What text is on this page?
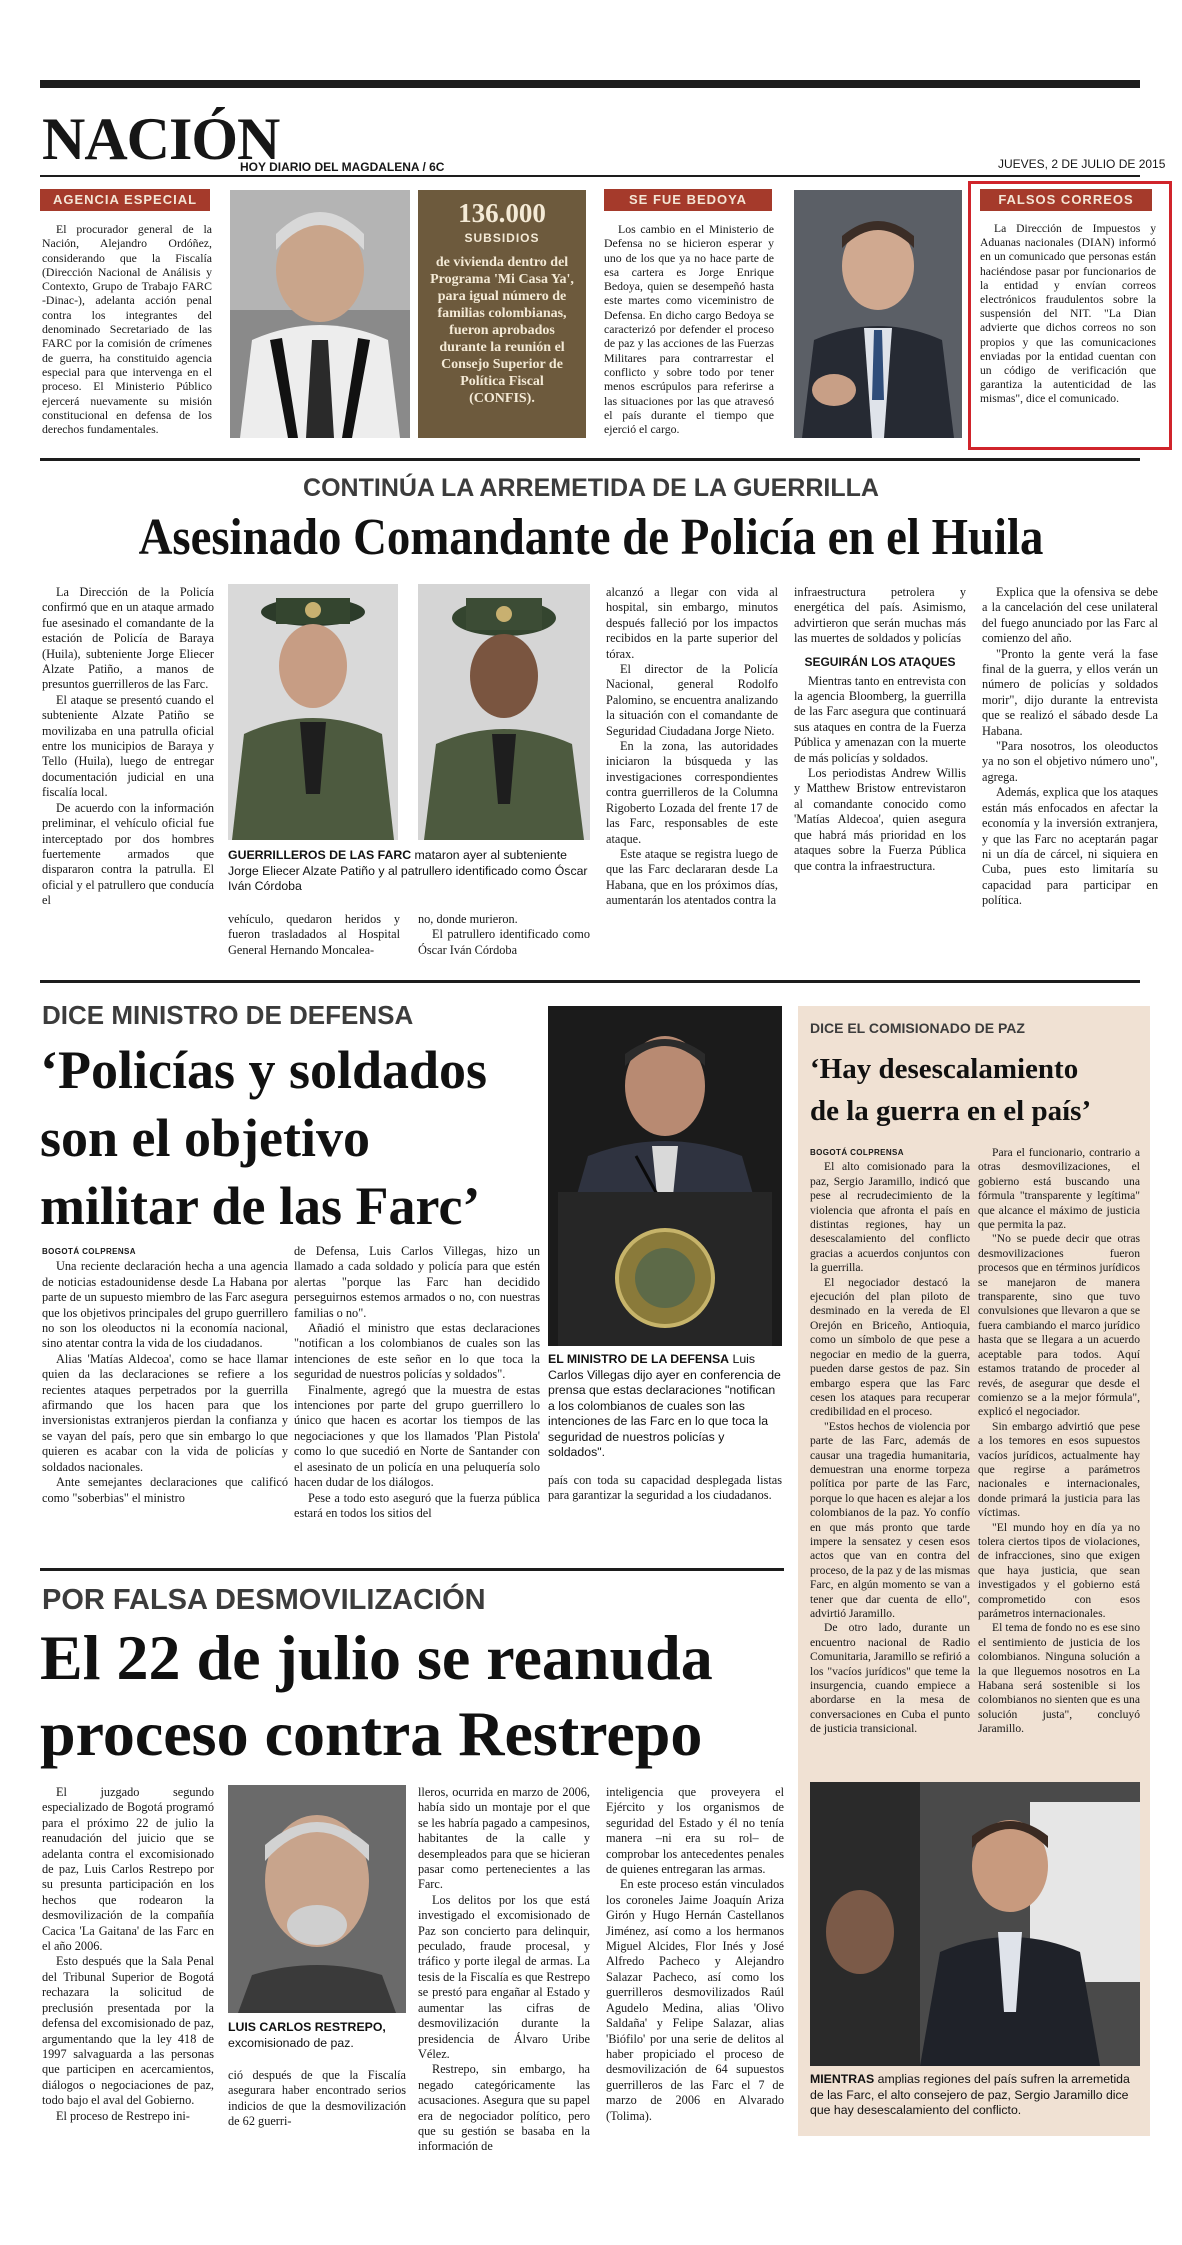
NACIÓN
HOY DIARIO DEL MAGDALENA / 6C	JUEVES, 2 DE JULIO DE 2015
AGENCIA ESPECIAL

El procurador general de la Nación, Alejandro Ordóñez, considerando que la Fiscalía (Dirección Nacional de Análisis y Contexto, Grupo de Trabajo FARC -Dinac-), adelanta acción penal contra los integrantes del denominado Secretariado de las FARC por la comisión de crímenes de guerra, ha constituido agencia especial para que intervenga en el proceso. El Ministerio Público ejercerá nuevamente su misión constitucional en defensa de los derechos fundamentales.

136.000
SUBSIDIOS
de vivienda dentro del Programa 'Mi Casa Ya', para igual número de familias colombianas, fueron aprobados durante la reunión el Consejo Superior de Política Fiscal (CONFIS).
SE FUE BEDOYA

Los cambio en el Ministerio de Defensa no se hicieron esperar y uno de los que ya no hace parte de esa cartera es Jorge Enrique Bedoya, quien se desempeñó hasta este martes como viceministro de Defensa. En dicho cargo Bedoya se caracterizó por defender el proceso de paz y las acciones de las Fuerzas Militares para contrarrestar el conflicto y sobre todo por tener menos escrúpulos para referirse a las situaciones por las que atravesó el país durante el tiempo que ejerció el cargo.

FALSOS CORREOS

La Dirección de Impuestos y Aduanas nacionales (DIAN) informó en un comunicado que personas están haciéndose pasar por funcionarios de la entidad y envían correos electrónicos fraudulentos sobre la suspensión del NIT. "La Dian advierte que dichos correos no son propios y que las comunicaciones enviadas por la entidad cuentan con un código de verificación que garantiza la autenticidad de las mismas", dice el comunicado.

CONTINÚA LA ARREMETIDA DE LA GUERRILLA
Asesinado Comandante de Policía en el Huila

La Dirección de la Policía confirmó que en un ataque armado fue asesinado el comandante de la estación de Policía de Baraya (Huila), subteniente Jorge Eliecer Alzate Patiño, a manos de presuntos guerrilleros de las Farc.

El ataque se presentó cuando el subteniente Alzate Patiño se movilizaba en una patrulla oficial entre los municipios de Baraya y Tello (Huila), luego de entregar documentación judicial en una fiscalía local.

De acuerdo con la información preliminar, el vehículo oficial fue interceptado por dos hombres fuertemente armados que dispararon contra la patrulla. El oficial y el patrullero que conducía el

GUERRILLEROS DE LAS FARC mataron ayer al subteniente Jorge Eliecer Alzate Patiño y al patrullero identificado como Óscar Iván Córdoba

vehículo, quedaron heridos y fueron trasladados al Hospital General Hernando Moncalea-

no, donde murieron.

El patrullero identificado como Óscar Iván Córdoba

alcanzó a llegar con vida al hospital, sin embargo, minutos después falleció por los impactos recibidos en la parte superior del tórax.

El director de la Policía Nacional, general Rodolfo Palomino, se encuentra analizando la situación con el comandante de Seguridad Ciudadana Jorge Nieto.

En la zona, las autoridades iniciaron la búsqueda y las investigaciones correspondientes contra guerrilleros de la Columna Rigoberto Lozada del frente 17 de las Farc, responsables de este ataque.

Este ataque se registra luego de que las Farc declararan desde La Habana, que en los próximos días, aumentarán los atentados contra la

infraestructura petrolera y energética del país. Asimismo, advirtieron que serán muchas más las muertes de soldados y policías

SEGUIRÁN LOS ATAQUES

Mientras tanto en entrevista con la agencia Bloomberg, la guerrilla de las Farc asegura que continuará sus ataques en contra de la Fuerza Pública y amenazan con la muerte de más policías y soldados.

Los periodistas Andrew Willis y Matthew Bristow entrevistaron al comandante conocido como 'Matías Aldecoa', quien asegura que habrá más prioridad en los ataques sobre la Fuerza Pública que contra la infraestructura.

Explica que la ofensiva se debe a la cancelación del cese unilateral del fuego anunciado por las Farc al comienzo del año.

"Pronto la gente verá la fase final de la guerra, y ellos verán un número de policías y soldados morir", dijo durante la entrevista que se realizó el sábado desde La Habana.

"Para nosotros, los oleoductos ya no son el objetivo número uno", agrega.

Además, explica que los ataques están más enfocados en afectar la economía y la inversión extranjera, y que las Farc no aceptarán pagar ni un día de cárcel, ni siquiera en Cuba, pues esto limitaría su capacidad para participar en política.

DICE MINISTRO DE DEFENSA
‘Policías y soldados
son el objetivo
militar de las Farc’
BOGOTÁ COLPRENSA

Una reciente declaración hecha a una agencia de noticias estadounidense desde La Habana por parte de un supuesto miembro de las Farc asegura que los objetivos principales del grupo guerrillero no son los oleoductos ni la economía nacional, sino atentar contra la vida de los ciudadanos.

Alias 'Matías Aldecoa', como se hace llamar quien da las declaraciones se refiere a los recientes ataques perpetrados por la guerrilla afirmando que los hacen para que los inversionistas extranjeros pierdan la confianza y se vayan del país, pero que sin embargo lo que quieren es acabar con la vida de policías y soldados nacionales.

Ante semejantes declaraciones que calificó como "soberbias" el ministro

de Defensa, Luis Carlos Villegas, hizo un llamado a cada soldado y policía para que estén alertas "porque las Farc han decidido perseguirnos estemos armados o no, con nuestras familias o no".

Añadió el ministro que estas declaraciones "notifican a los colombianos de cuales son las intenciones de este señor en lo que toca la seguridad de nuestros policías y soldados".

Finalmente, agregó que la muestra de estas intenciones por parte del grupo guerrillero lo único que hacen es acortar los tiempos de las negociaciones y que los llamados 'Plan Pistola' como lo que sucedió en Norte de Santander con el asesinato de un policía en una peluquería solo hacen dudar de los diálogos.

Pese a todo esto aseguró que la fuerza pública estará en todos los sitios del

EL MINISTRO DE LA DEFENSA Luis Carlos Villegas dijo ayer en conferencia de prensa que estas declaraciones "notifican a los colombianos de cuales son las intenciones de las Farc en lo que toca la seguridad de nuestros policías y soldados".

país con toda su capacidad desplegada listas para garantizar la seguridad a los ciudadanos.

DICE EL COMISIONADO DE PAZ
‘Hay desescalamiento
de la guerra en el país’
BOGOTÁ COLPRENSA

El alto comisionado para la paz, Sergio Jaramillo, indicó que pese al recrudecimiento de la violencia que afronta el país en distintas regiones, hay un desescalamiento del conflicto gracias a acuerdos conjuntos con la guerrilla.

El negociador destacó la ejecución del plan piloto de desminado en la vereda de El Orejón en Briceño, Antioquia, como un símbolo de que pese a negociar en medio de la guerra, pueden darse gestos de paz. Sin embargo espera que las Farc cesen los ataques para recuperar credibilidad en el proceso.

"Estos hechos de violencia por parte de las Farc, además de causar una tragedia humanitaria, demuestran una enorme torpeza política por parte de las Farc, porque lo que hacen es alejar a los colombianos de la paz. Yo confío en que más pronto que tarde impere la sensatez y cesen esos actos que van en contra del proceso, de la paz y de las mismas Farc, en algún momento se van a tener que dar cuenta de ello", advirtió Jaramillo.

De otro lado, durante un encuentro nacional de Radio Comunitaria, Jaramillo se refirió a los "vacíos jurídicos" que teme la insurgencia, cuando empiece a abordarse en la mesa de conversaciones en Cuba el punto de justicia transicional.

Para el funcionario, contrario a otras desmovilizaciones, el gobierno está buscando una fórmula "transparente y legítima" que alcance el máximo de justicia que permita la paz.

"No se puede decir que otras desmovilizaciones fueron procesos que en términos jurídicos se manejaron de manera transparente, sino que tuvo convulsiones que llevaron a que se fuera cambiando el marco jurídico hasta que se llegara a un acuerdo aceptable para todos. Aquí estamos tratando de proceder al revés, de asegurar que desde el comienzo se a la mejor fórmula", explicó el negociador.

Sin embargo advirtió que pese a los temores en esos supuestos vacíos jurídicos, actualmente hay que regirse a parámetros nacionales e internacionales, donde primará la justicia para las víctimas.

"El mundo hoy en día ya no tolera ciertos tipos de violaciones, de infracciones, sino que exigen que haya justicia, que sean investigados y el gobierno está comprometido con esos parámetros internacionales.

El tema de fondo no es ese sino el sentimiento de justicia de los colombianos. Ninguna solución a la que lleguemos nosotros en La Habana será sostenible si los colombianos no sienten que es una solución justa", concluyó Jaramillo.

MIENTRAS amplias regiones del país sufren la arremetida de las Farc, el alto consejero de paz, Sergio Jaramillo dice que hay desescalamiento del conflicto.
POR FALSA DESMOVILIZACIÓN
El 22 de julio se reanuda
proceso contra Restrepo

El juzgado segundo especializado de Bogotá programó para el próximo 22 de julio la reanudación del juicio que se adelanta contra el excomisionado de paz, Luis Carlos Restrepo por su presunta participación en los hechos que rodearon la desmovilización de la compañía Cacica 'La Gaitana' de las Farc en el año 2006.

Esto después que la Sala Penal del Tribunal Superior de Bogotá rechazara la solicitud de preclusión presentada por la defensa del excomisionado de paz, argumentando que la ley 418 de 1997 salvaguarda a las personas que participen en acercamientos, diálogos o negociaciones de paz, todo bajo el aval del Gobierno.

El proceso de Restrepo ini-

LUIS CARLOS RESTREPO,
excomisionado de paz.

ció después de que la Fiscalía asegurara haber encontrado serios indicios de que la desmovilización de 62 guerri-

lleros, ocurrida en marzo de 2006, había sido un montaje por el que se les habría pagado a campesinos, habitantes de la calle y desempleados para que se hicieran pasar como pertenecientes a las Farc.

Los delitos por los que está investigado el excomisionado de Paz son concierto para delinquir, peculado, fraude procesal, y tráfico y porte ilegal de armas. La tesis de la Fiscalía es que Restrepo se prestó para engañar al Estado y aumentar las cifras de desmovilización durante la presidencia de Álvaro Uribe Vélez.

Restrepo, sin embargo, ha negado categóricamente las acusaciones. Asegura que su papel era de negociador político, pero que su gestión se basaba en la información de

inteligencia que proveyera el Ejército y los organismos de seguridad del Estado y él no tenía manera –ni era su rol– de comprobar los antecedentes penales de quienes entregaran las armas.

En este proceso están vinculados los coroneles Jaime Joaquín Ariza Girón y Hugo Hernán Castellanos Jiménez, así como a los hermanos Miguel Alcides, Flor Inés y José Alfredo Pacheco y Alejandro Salazar Pacheco, así como los guerrilleros desmovilizados Raúl Agudelo Medina, alias 'Olivo Saldaña' y Felipe Salazar, alias 'Biófilo' por una serie de delitos al haber propiciado el proceso de desmovilización de 64 supuestos guerrilleros de las Farc el 7 de marzo de 2006 en Alvarado (Tolima).
